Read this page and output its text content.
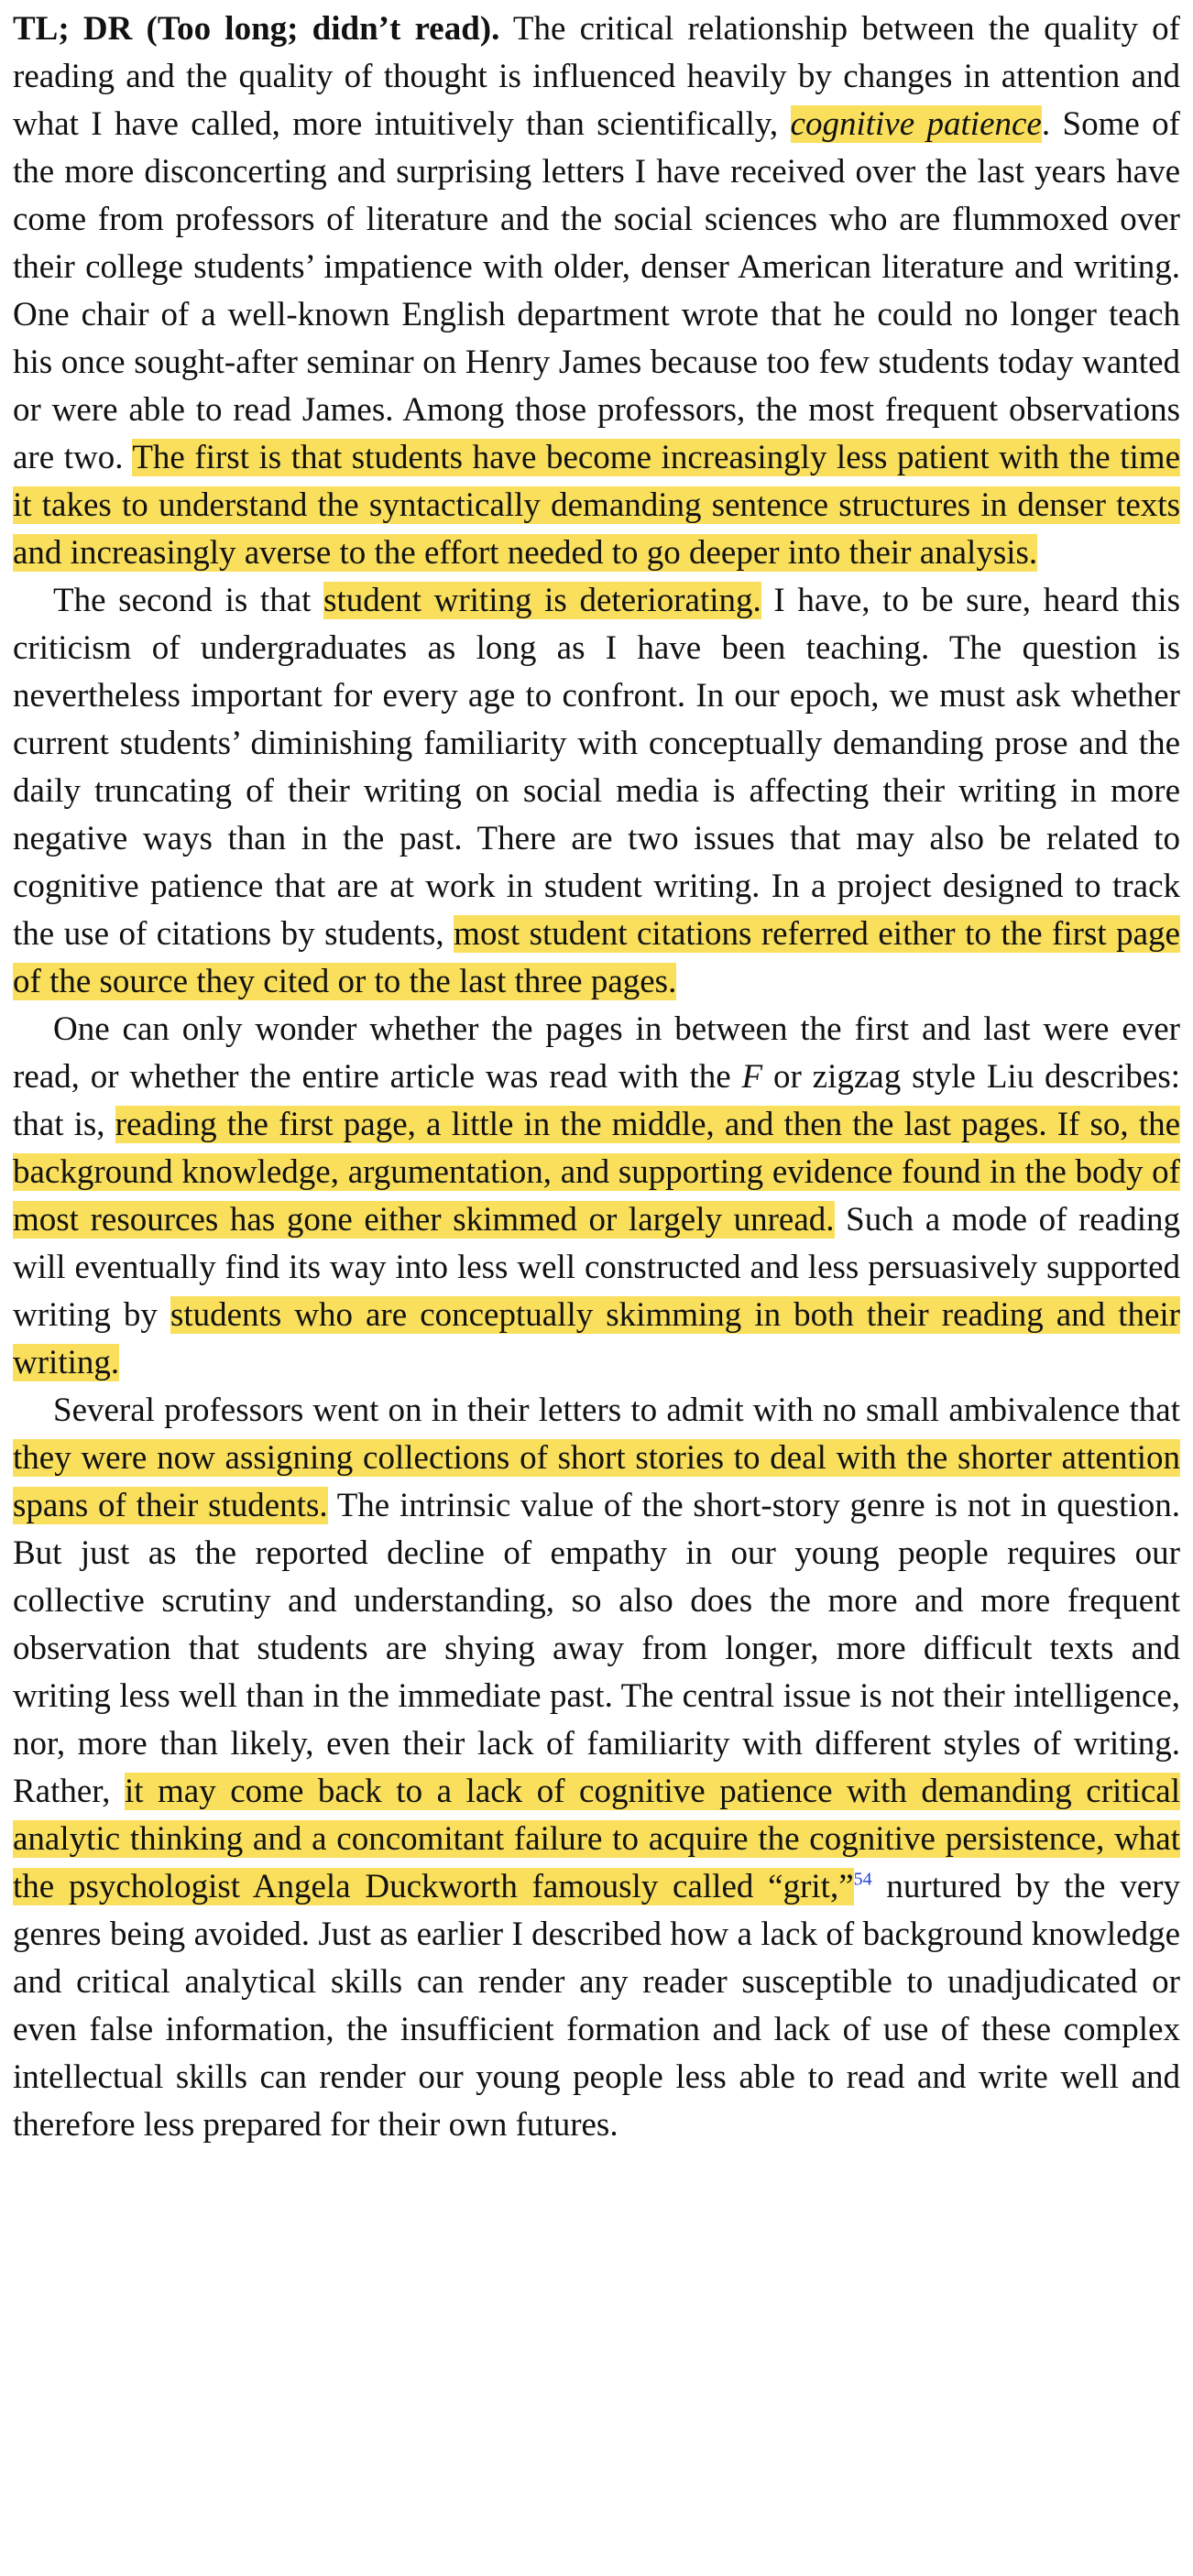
TL; DR (Too long; didn’t read). The critical relationship between the quality of reading and the quality of thought is influenced heavily by changes in attention and what I have called, more intuitively than scientifically, cognitive patience. Some of the more disconcerting and surprising letters I have received over the last years have come from professors of literature and the social sciences who are flummoxed over their college students’ impatience with older, denser American literature and writing. One chair of a well-known English department wrote that he could no longer teach his once sought-after seminar on Henry James because too few students today wanted or were able to read James. Among those professors, the most frequent observations are two. The first is that students have become increasingly less patient with the time it takes to understand the syntactically demanding sentence structures in denser texts and increasingly averse to the effort needed to go deeper into their analysis.

The second is that student writing is deteriorating. I have, to be sure, heard this criticism of undergraduates as long as I have been teaching. The question is nevertheless important for every age to confront. In our epoch, we must ask whether current students’ diminishing familiarity with conceptually demanding prose and the daily truncating of their writing on social media is affecting their writing in more negative ways than in the past. There are two issues that may also be related to cognitive patience that are at work in student writing. In a project designed to track the use of citations by students, most student citations referred either to the first page of the source they cited or to the last three pages.

One can only wonder whether the pages in between the first and last were ever read, or whether the entire article was read with the F or zigzag style Liu describes: that is, reading the first page, a little in the middle, and then the last pages. If so, the background knowledge, argumentation, and supporting evidence found in the body of most resources has gone either skimmed or largely unread. Such a mode of reading will eventually find its way into less well constructed and less persuasively supported writing by students who are conceptually skimming in both their reading and their writing.

Several professors went on in their letters to admit with no small ambivalence that they were now assigning collections of short stories to deal with the shorter attention spans of their students. The intrinsic value of the short-story genre is not in question. But just as the reported decline of empathy in our young people requires our collective scrutiny and understanding, so also does the more and more frequent observation that students are shying away from longer, more difficult texts and writing less well than in the immediate past. The central issue is not their intelligence, nor, more than likely, even their lack of familiarity with different styles of writing. Rather, it may come back to a lack of cognitive patience with demanding critical analytic thinking and a concomitant failure to acquire the cognitive persistence, what the psychologist Angela Duckworth famously called “grit,”$^{54}$ nurtured by the very genres being avoided. Just as earlier I described how a lack of background knowledge and critical analytical skills can render any reader susceptible to unadjudicated or even false information, the insufficient formation and lack of use of these complex intellectual skills can render our young people less able to read and write well and therefore less prepared for their own futures.
